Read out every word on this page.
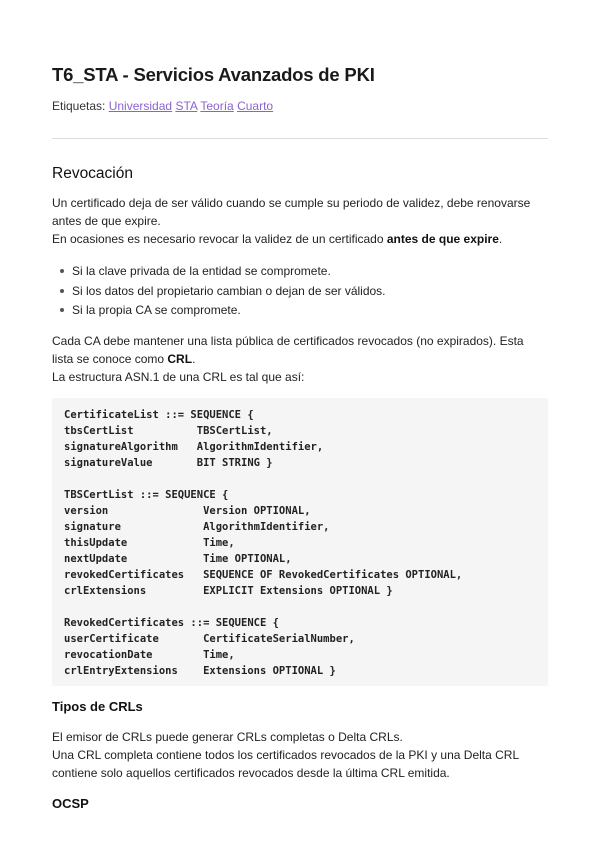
T6_STA - Servicios Avanzados de PKI
Etiquetas: Universidad STA Teoría Cuarto
Revocación

Un certificado deja de ser válido cuando se cumple su periodo de validez, debe renovarse antes de que expire.
En ocasiones es necesario revocar la validez de un certificado antes de que expire.

Si la clave privada de la entidad se compromete.
Si los datos del propietario cambian o dejan de ser válidos.
Si la propia CA se compromete.

Cada CA debe mantener una lista pública de certificados revocados (no expirados). Esta lista se conoce como CRL.
La estructura ASN.1 de una CRL es tal que así:

CertificateList ::= SEQUENCE {
tbsCertList          TBSCertList,
signatureAlgorithm   AlgorithmIdentifier,
signatureValue       BIT STRING }

TBSCertList ::= SEQUENCE {
version               Version OPTIONAL,
signature             AlgorithmIdentifier,
thisUpdate            Time,
nextUpdate            Time OPTIONAL,
revokedCertificates   SEQUENCE OF RevokedCertificates OPTIONAL,
crlExtensions         EXPLICIT Extensions OPTIONAL }

RevokedCertificates ::= SEQUENCE {
userCertificate       CertificateSerialNumber,
revocationDate        Time,
crlEntryExtensions    Extensions OPTIONAL }
Tipos de CRLs

El emisor de CRLs puede generar CRLs completas o Delta CRLs.
Una CRL completa contiene todos los certificados revocados de la PKI y una Delta CRL contiene solo aquellos certificados revocados desde la última CRL emitida.

OCSP
